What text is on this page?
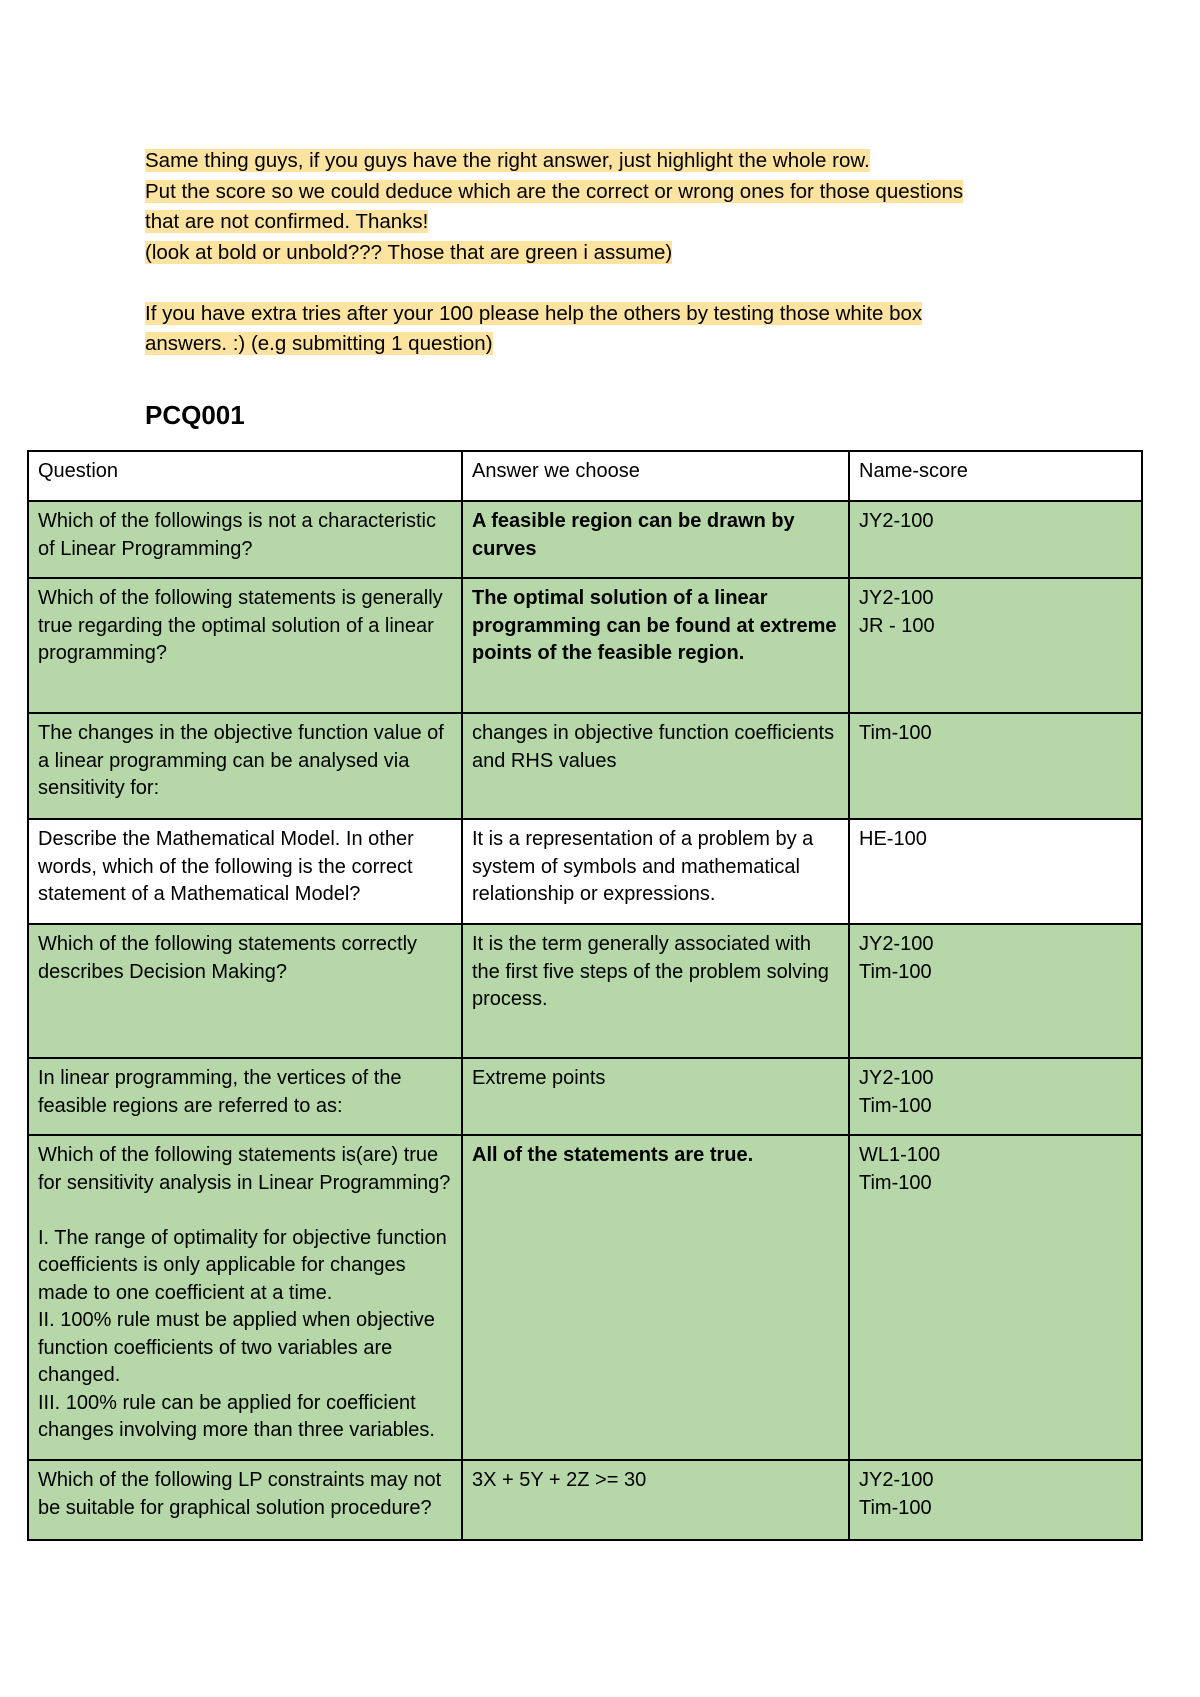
Same thing guys, if you guys have the right answer, just highlight the whole row.
Put the score so we could deduce which are the correct or wrong ones for those questions
that are not confirmed. Thanks!
(look at bold or unbold??? Those that are green i assume)
If you have extra tries after your 100 please help the others by testing those white box
answers. :) (e.g submitting 1 question)
PCQ001
Question	Answer we choose	Name-score
Which of the followings is not a characteristic of Linear Programming?	A feasible region can be drawn by curves	JY2-100
Which of the following statements is generally true regarding the optimal solution of a linear programming?	The optimal solution of a linear programming can be found at extreme points of the feasible region.	JY2-100
JR - 100
The changes in the objective function value of a linear programming can be analysed via sensitivity for:	changes in objective function coefficients and RHS values	Tim-100
Describe the Mathematical Model. In other words, which of the following is the correct statement of a Mathematical Model?	It is a representation of a problem by a system of symbols and mathematical relationship or expressions.	HE-100
Which of the following statements correctly describes Decision Making?	It is the term generally associated with the first five steps of the problem solving process.	JY2-100
Tim-100
In linear programming, the vertices of the feasible regions are referred to as:	Extreme points	JY2-100
Tim-100
Which of the following statements is(are) true for sensitivity analysis in Linear Programming?

I. The range of optimality for objective function coefficients is only applicable for changes made to one coefficient at a time.
II. 100% rule must be applied when objective function coefficients of two variables are changed.
III. 100% rule can be applied for coefficient changes involving more than three variables.	All of the statements are true.	WL1-100
Tim-100
Which of the following LP constraints may not be suitable for graphical solution procedure?	3X + 5Y + 2Z >= 30	JY2-100
Tim-100
